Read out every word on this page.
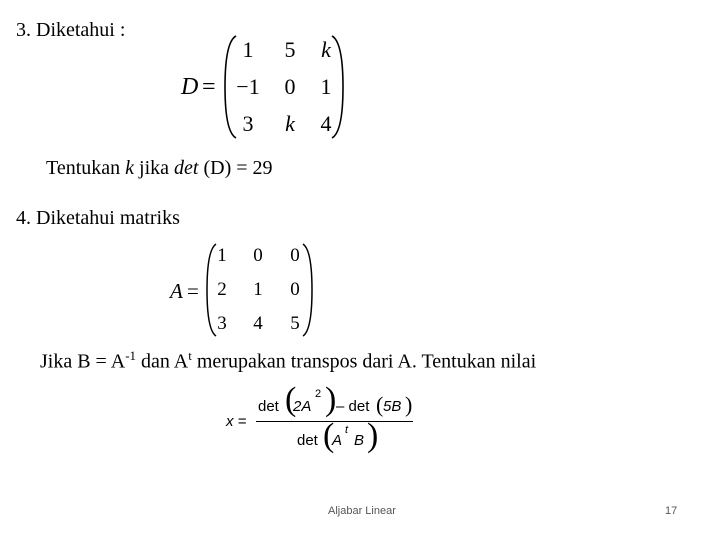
3. Diketahui :
D =
1	5	k
−1	0	1
3	k	4
Tentukan k jika det (D) = 29
4. Diketahui matriks
A =
1	0	0
2	1	0
3	4	5
Jika $B = A^{-1}$ dan $A^t$ merupakan transpos dari A. Tentukan nilai
x =
det (
2A
2 ) – det ( 5B )
det (
A
t
B )
Aljabar Linear	17
